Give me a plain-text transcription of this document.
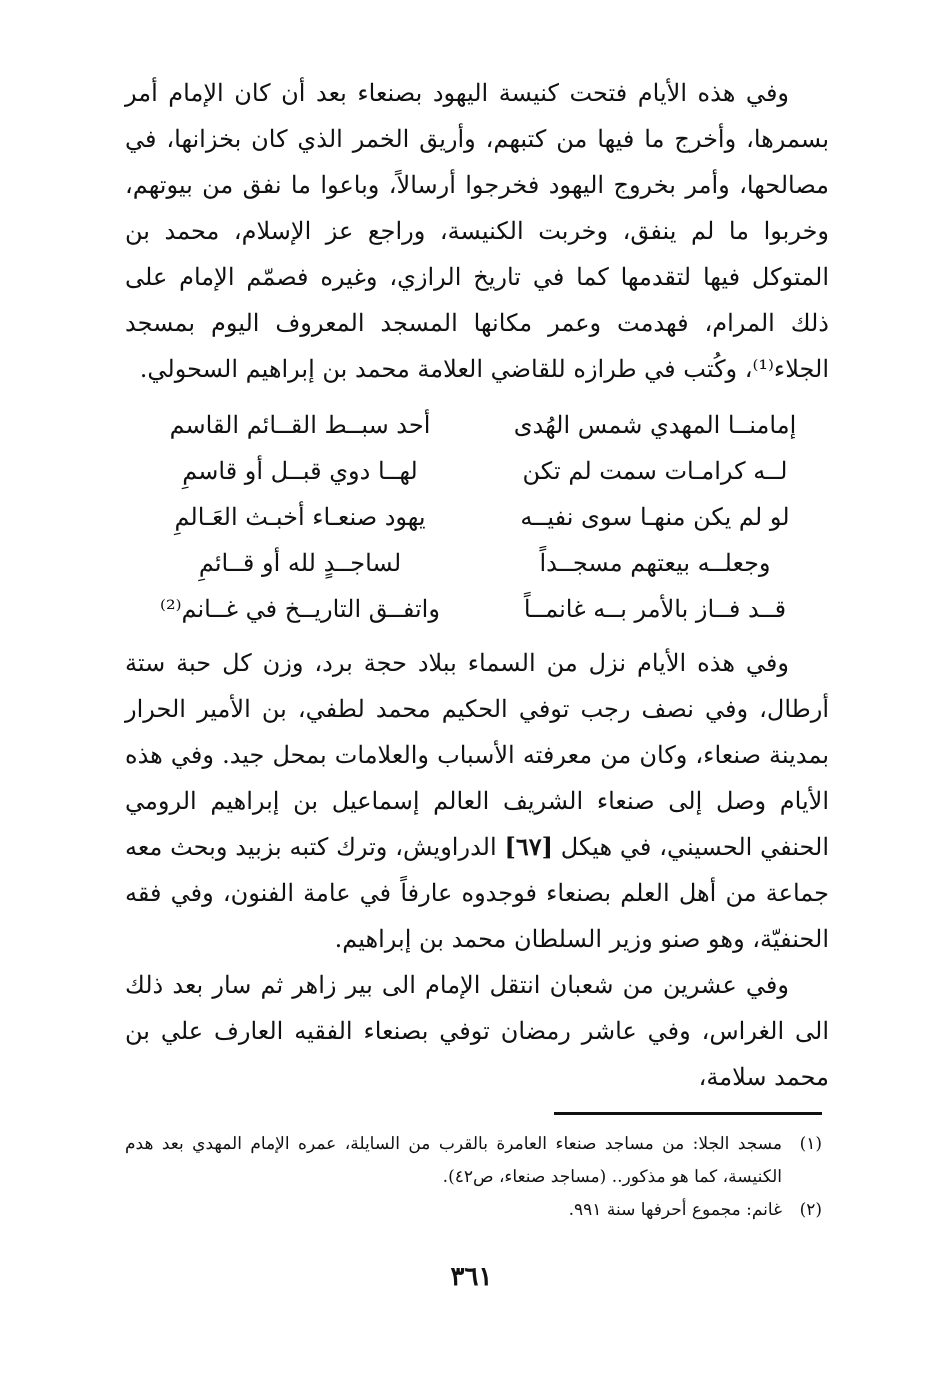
وفي هذه الأيام فتحت كنيسة اليهود بصنعاء بعد أن كان الإمام أمر بسمرها، وأخرج ما فيها من كتبهم، وأريق الخمر الذي كان بخزانها، في مصالحها، وأمر بخروج اليهود فخرجوا أرسالاً، وباعوا ما نفق من بيوتهم، وخربوا ما لم ينفق، وخربت الكنيسة، وراجع عز الإسلام، محمد بن المتوكل فيها لتقدمها كما في تاريخ الرازي، وغيره فصمّم الإمام على ذلك المرام، فهدمت وعمر مكانها المسجد المعروف اليوم بمسجد الجلاء⁽¹⁾، وكُتب في طرازه للقاضي العلامة محمد بن إبراهيم السحولي.

إمامنــا المهدي شمس الهُدى
أحد سبــط القــائم القاسم
لــه كرامـات سمت لم تكن
لهــا دوي قبــل أو قاسمِ
لو لم يكن منهـا سوى نفيــه
يهود صنعـاء أخبـث العَـالمِ
وجعلــه بيعتهم مسجــداً
لساجــدٍ لله أو قــائمِ
قــد فــاز بالأمر بــه غانمــاً
واتفــق التاريــخ في غــانم⁽²⁾

وفي هذه الأيام نزل من السماء ببلاد حجة برد، وزن كل حبة ستة أرطال، وفي نصف رجب توفي الحكيم محمد لطفي، بن الأمير الحرار بمدينة صنعاء، وكان من معرفته الأسباب والعلامات بمحل جيد. وفي هذه الأيام وصل إلى صنعاء الشريف العالم إسماعيل بن إبراهيم الرومي الحنفي الحسيني، في هيكل [٦٧] الدراويش، وترك كتبه بزبيد وبحث معه جماعة من أهل العلم بصنعاء فوجدوه عارفاً في عامة الفنون، وفي فقه الحنفيّة، وهو صنو وزير السلطان محمد بن إبراهيم.

وفي عشرين من شعبان انتقل الإمام الى بير زاهر ثم سار بعد ذلك الى الغراس، وفي عاشر رمضان توفي بصنعاء الفقيه العارف علي بن محمد سلامة،

(١)
مسجد الجلا: من مساجد صنعاء العامرة بالقرب من السايلة، عمره الإمام المهدي بعد هدم الكنيسة، كما هو مذكور.. (مساجد صنعاء، ص٤٢).
(٢)
غانم: مجموع أحرفها سنة ٩٩١.
٣٦١
